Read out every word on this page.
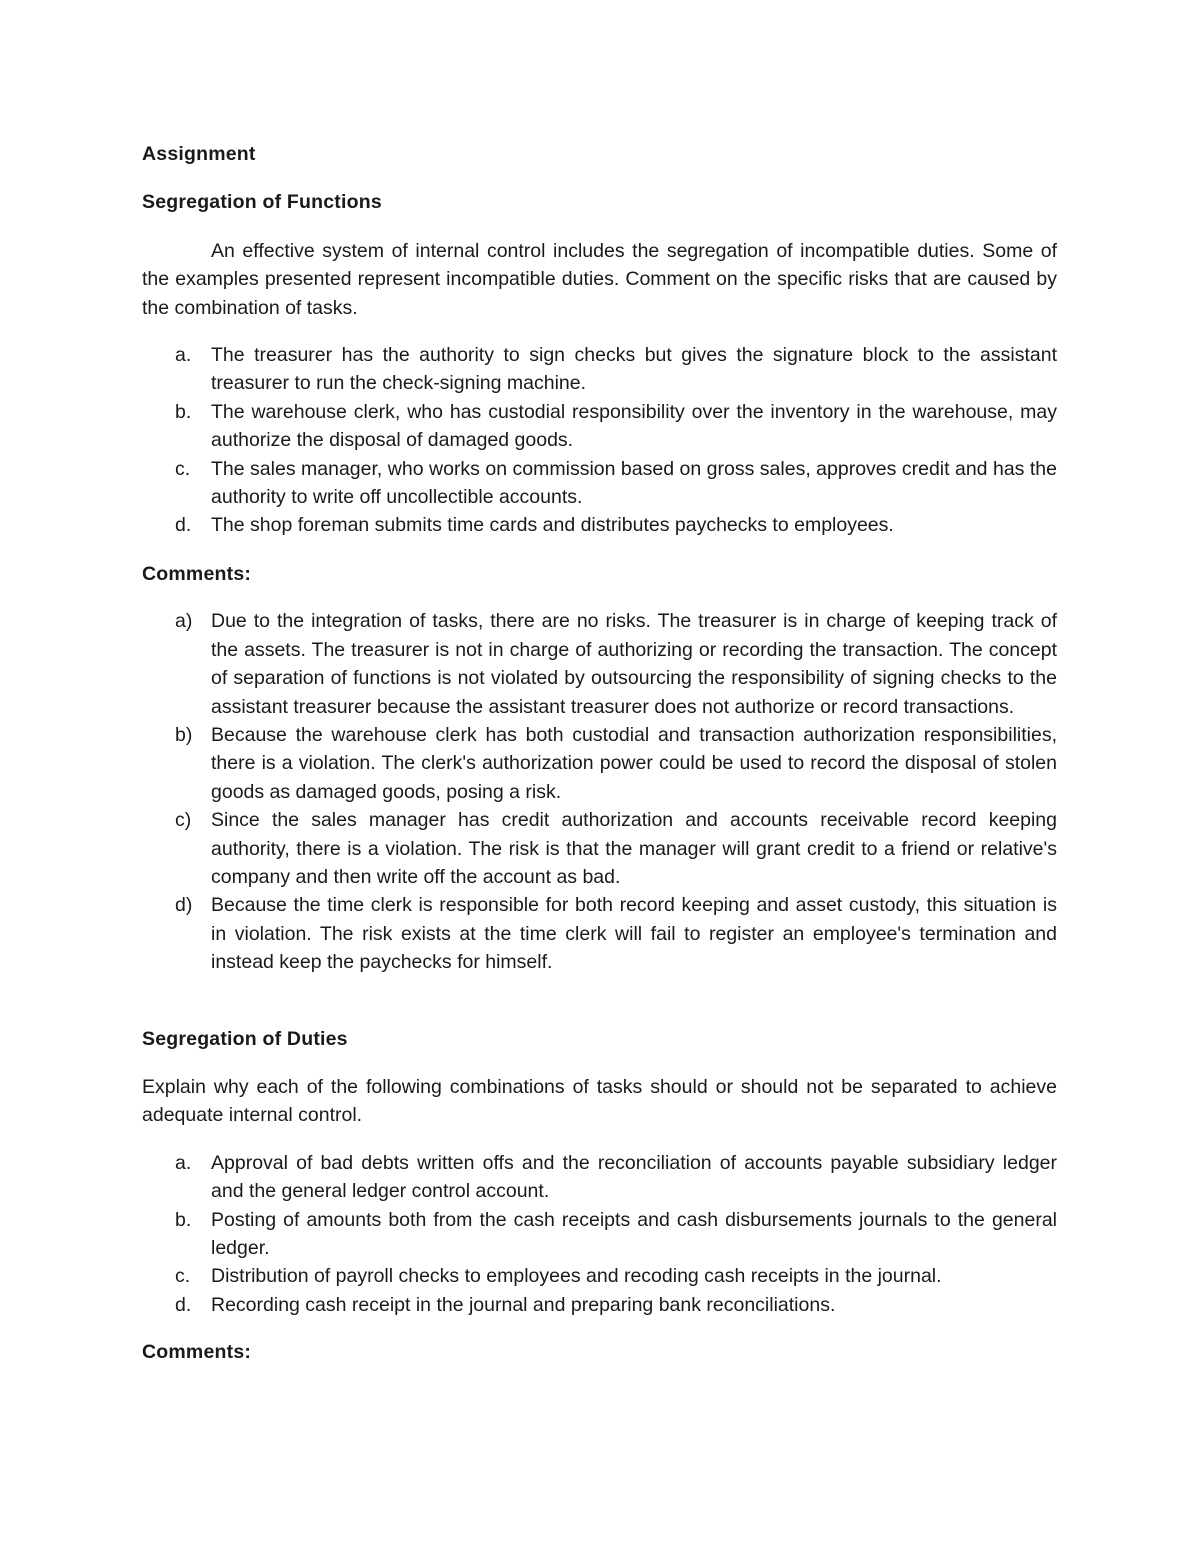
Assignment

Segregation of Functions

An effective system of internal control includes the segregation of incompatible duties. Some of the examples presented represent incompatible duties. Comment on the specific risks that are caused by the combination of tasks.

a. The treasurer has the authority to sign checks but gives the signature block to the assistant treasurer to run the check-signing machine.
b. The warehouse clerk, who has custodial responsibility over the inventory in the warehouse, may authorize the disposal of damaged goods.
c. The sales manager, who works on commission based on gross sales, approves credit and has the authority to write off uncollectible accounts.
d. The shop foreman submits time cards and distributes paychecks to employees.

Comments:

a) Due to the integration of tasks, there are no risks. The treasurer is in charge of keeping track of the assets. The treasurer is not in charge of authorizing or recording the transaction. The concept of separation of functions is not violated by outsourcing the responsibility of signing checks to the assistant treasurer because the assistant treasurer does not authorize or record transactions.
b) Because the warehouse clerk has both custodial and transaction authorization responsibilities, there is a violation. The clerk's authorization power could be used to record the disposal of stolen goods as damaged goods, posing a risk.
c) Since the sales manager has credit authorization and accounts receivable record keeping authority, there is a violation. The risk is that the manager will grant credit to a friend or relative's company and then write off the account as bad.
d) Because the time clerk is responsible for both record keeping and asset custody, this situation is in violation. The risk exists at the time clerk will fail to register an employee's termination and instead keep the paychecks for himself.

Segregation of Duties

Explain why each of the following combinations of tasks should or should not be separated to achieve adequate internal control.

a. Approval of bad debts written offs and the reconciliation of accounts payable subsidiary ledger and the general ledger control account.
b. Posting of amounts both from the cash receipts and cash disbursements journals to the general ledger.
c. Distribution of payroll checks to employees and recoding cash receipts in the journal.
d. Recording cash receipt in the journal and preparing bank reconciliations.

Comments:
